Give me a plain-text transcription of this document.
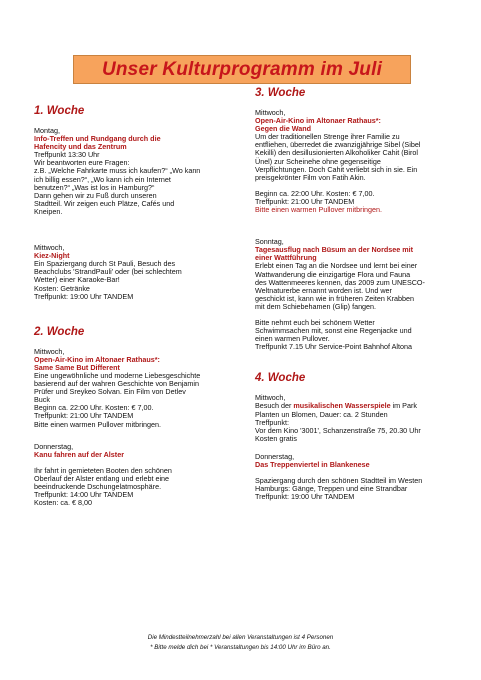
Unser Kulturprogramm im Juli
1. Woche
Montag,
Info-Treffen und Rundgang durch die
Hafencity und das Zentrum
Treffpunkt 13:30 Uhr
Wir beantworten eure Fragen:
z.B. „Welche Fahrkarte muss ich kaufen?“ „Wo kann
ich billig essen?“, „Wo kann ich ein Internet
benutzen?“ „Was ist los in Hamburg?“
Dann gehen wir zu Fuß durch unseren
Stadtteil. Wir zeigen euch Plätze, Cafés und
Kneipen.
Mittwoch,
Kiez-Night
Ein Spaziergang durch St Pauli, Besuch des
Beachclubs 'StrandPauli' oder (bei schlechtem
Wetter) einer Karaoke-Bar!
Kosten: Getränke
Treffpunkt: 19:00 Uhr TANDEM
2. Woche
Mittwoch,
Open-Air-Kino im Altonaer Rathaus*:
Same Same But Different
Eine ungewöhnliche und moderne Liebesgeschichte
basierend auf der wahren Geschichte von Benjamin
Prüfer und Sreykeo Solvan. Ein Film von Detlev
Buck
Beginn ca. 22:00 Uhr. Kosten: € 7,00.
Treffpunkt: 21:00 Uhr TANDEM
Bitte einen warmen Pullover mitbringen.
Donnerstag,
Kanu fahren auf der Alster
Ihr fahrt in gemieteten Booten den schönen
Oberlauf der Alster entlang und erlebt eine
beeindruckende Dschungelatmosphäre.
Treffpunkt: 14:00 Uhr TANDEM
Kosten: ca. € 8,00
3. Woche
Mittwoch,
Open-Air-Kino im Altonaer Rathaus*:
Gegen die Wand
Um der traditionellen Strenge ihrer Familie zu
entfliehen, überredet die zwanzigjährige Sibel (Sibel
Kekilli) den desillusionierten Alkoholiker Cahit (Birol
Ünel) zur Scheinehe ohne gegenseitige
Verpflichtungen. Doch Cahit verliebt sich in sie. Ein
preisgekrönter Film von Fatih Akin.
Beginn ca. 22:00 Uhr. Kosten: € 7,00.
Treffpunkt: 21:00 Uhr TANDEM
Bitte einen warmen Pullover mitbringen.
Sonntag,
Tagesausflug nach Büsum an der Nordsee mit
einer Wattführung
Erlebt einen Tag an die Nordsee und lernt bei einer
Wattwanderung die einzigartige Flora und Fauna
des Wattenmeeres kennen, das 2009 zum UNESCO-
Weltnaturerbe ernannt worden ist. Und wer
geschickt ist, kann wie in früheren Zeiten Krabben
mit dem Schiebehamen (Glip) fangen.
Bitte nehmt euch bei schönem Wetter
Schwimmsachen mit, sonst eine Regenjacke und
einen warmen Pullover.
Treffpunkt 7.15 Uhr Service-Point Bahnhof Altona
4. Woche
Mittwoch,
Besuch der musikalischen Wasserspiele im Park
Planten un Blomen, Dauer: ca. 2 Stunden
Treffpunkt:
Vor dem Kino '3001', Schanzenstraße 75, 20.30 Uhr
Kosten gratis
Donnerstag,
Das Treppenviertel in Blankenese
Spaziergang durch den schönen Stadtteil im Westen
Hamburgs: Gänge, Treppen und eine Strandbar
Treffpunkt: 19:00 Uhr TANDEM
Die Mindestteilnehmerzahl bei allen Veranstaltungen ist 4 Personen
* Bitte melde dich bei * Veranstaltungen bis 14:00 Uhr im Büro an.
